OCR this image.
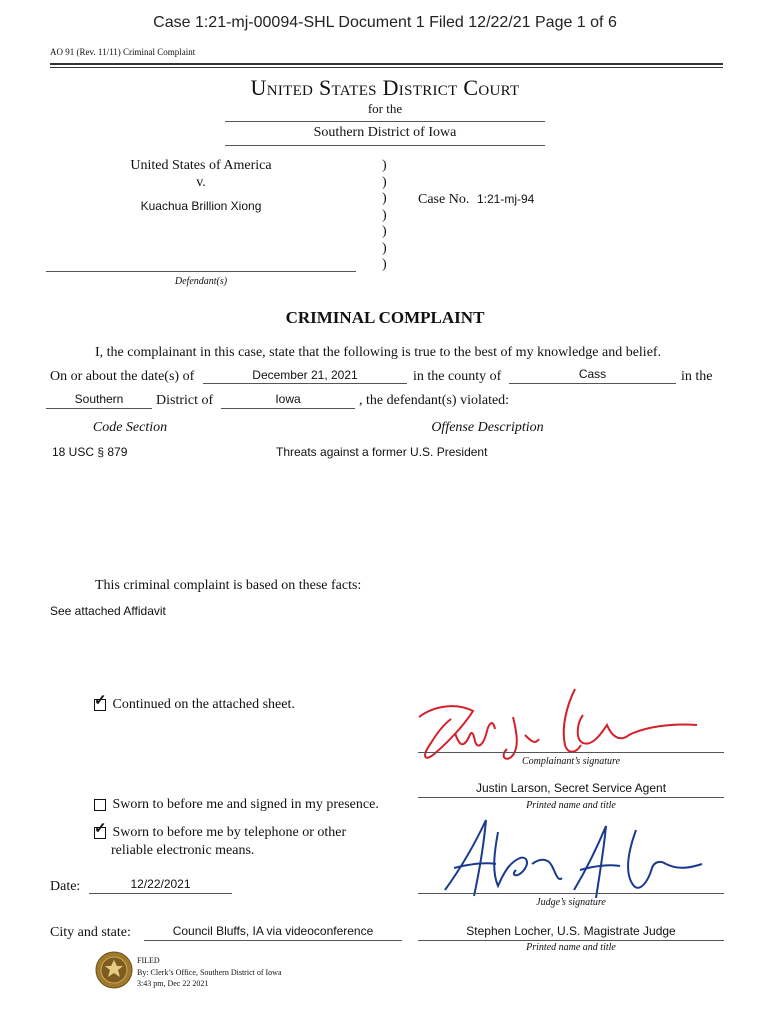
Case 1:21-mj-00094-SHL Document 1 Filed 12/22/21 Page 1 of 6
AO 91 (Rev. 11/11) Criminal Complaint
United States District Court
for the
Southern District of Iowa
United States of America
v.
Kuachua Brillion Xiong
Defendant(s)
)
)
)
)
)
)
)
Case No. 1:21-mj-94
CRIMINAL COMPLAINT
I, the complainant in this case, state that the following is true to the best of my knowledge and belief.
On or about the date(s) of	December 21, 2021	in the county of	Cass	in the
Southern	District of	Iowa	, the defendant(s) violated:
Code Section	Offense Description
18 USC § 879	Threats against a former U.S. President
This criminal complaint is based on these facts:
See attached Affidavit
✓ Continued on the attached sheet.
Complainant’s signature
Justin Larson, Secret Service Agent
Printed name and title
Sworn to before me and signed in my presence.
✓ Sworn to before me by telephone or other
reliable electronic means.
Judge’s signature
Date:	12/22/2021
City and state:	Council Bluffs, IA via videoconference	Stephen Locher, U.S. Magistrate Judge
Printed name and title
FILED
By: Clerk’s Office, Southern District of Iowa
3:43 pm, Dec 22 2021
